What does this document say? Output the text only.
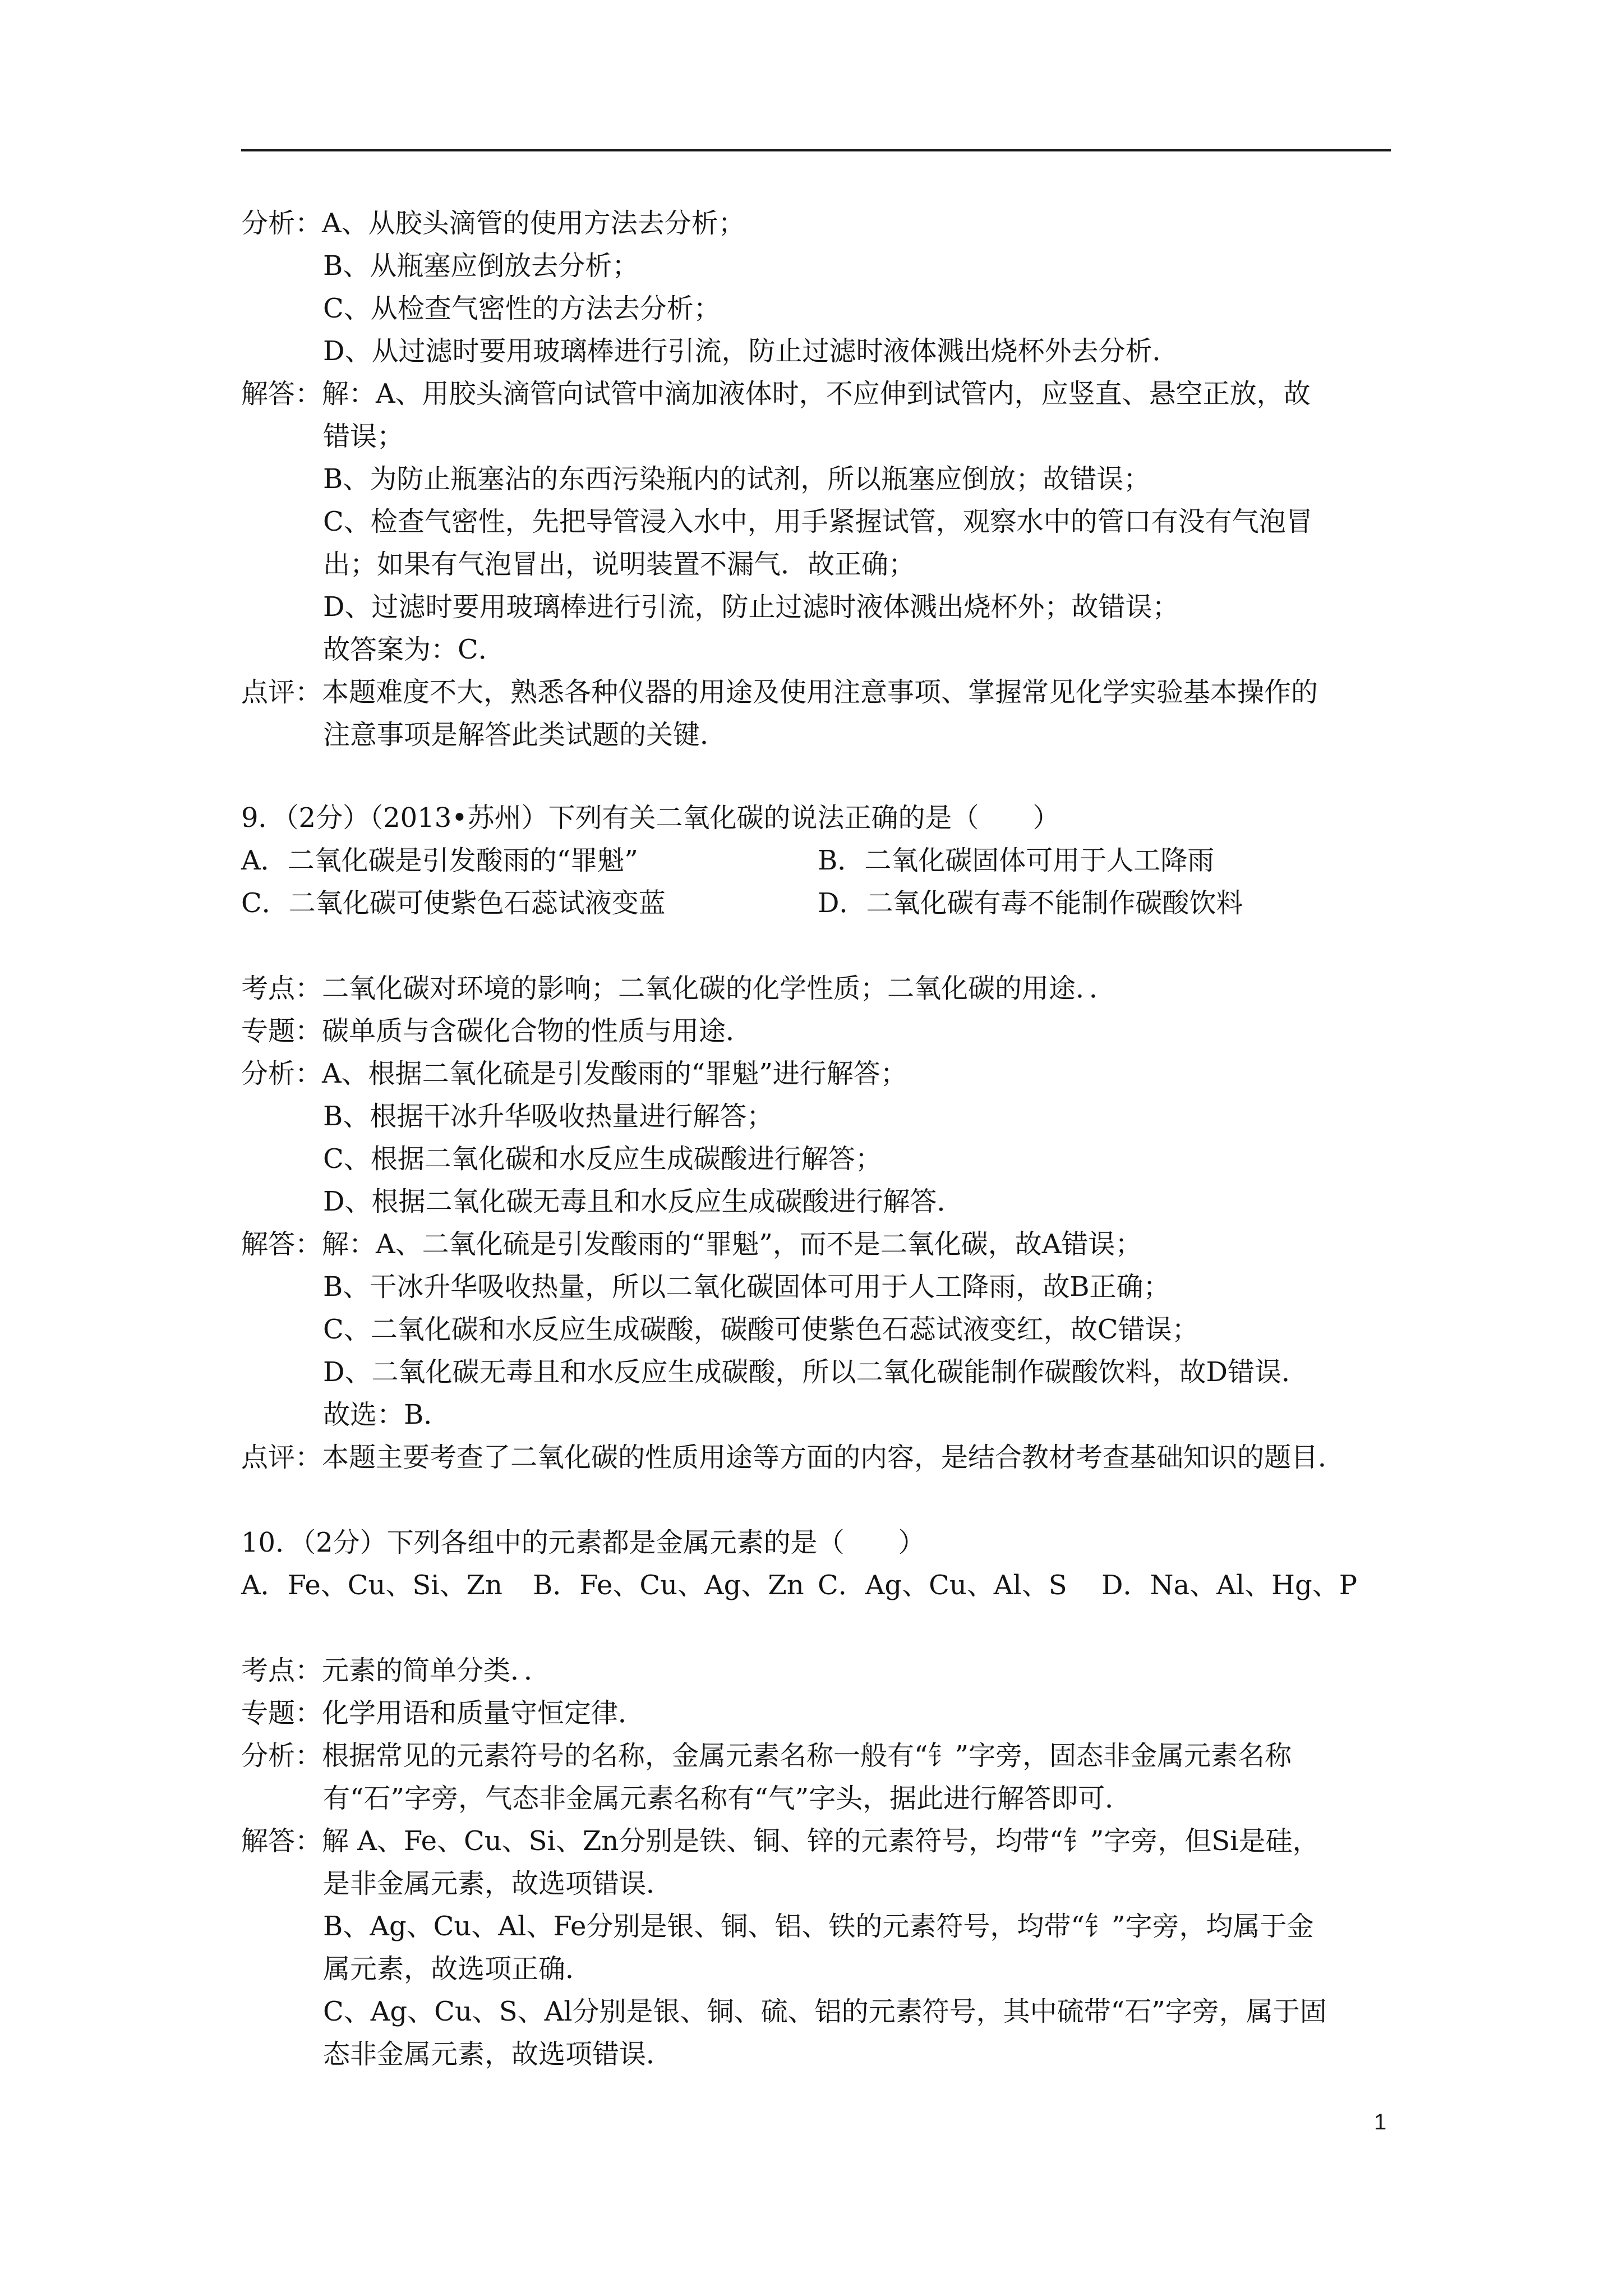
分析：A、从胶头滴管的使用方法去分析；
B、从瓶塞应倒放去分析；
C、从检查气密性的方法去分析；
D、从过滤时要用玻璃棒进行引流，防止过滤时液体溅出烧杯外去分析．
解答：解：A、用胶头滴管向试管中滴加液体时，不应伸到试管内，应竖直、悬空正放，故
错误；
B、为防止瓶塞沾的东西污染瓶内的试剂，所以瓶塞应倒放；故错误；
C、检查气密性，先把导管浸入水中，用手紧握试管，观察水中的管口有没有气泡冒
出；如果有气泡冒出，说明装置不漏气．故正确；
D、过滤时要用玻璃棒进行引流，防止过滤时液体溅出烧杯外；故错误；
故答案为：C．
点评：本题难度不大，熟悉各种仪器的用途及使用注意事项、掌握常见化学实验基本操作的
注意事项是解答此类试题的关键．
9．（2分）（2013•苏州）下列有关二氧化碳的说法正确的是（　　）
A．二氧化碳是引发酸雨的“罪魁”	B．二氧化碳固体可用于人工降雨
C．二氧化碳可使紫色石蕊试液变蓝	D．二氧化碳有毒不能制作碳酸饮料
考点：二氧化碳对环境的影响；二氧化碳的化学性质；二氧化碳的用途．．
专题：碳单质与含碳化合物的性质与用途．
分析：A、根据二氧化硫是引发酸雨的“罪魁”进行解答；
B、根据干冰升华吸收热量进行解答；
C、根据二氧化碳和水反应生成碳酸进行解答；
D、根据二氧化碳无毒且和水反应生成碳酸进行解答．
解答：解：A、二氧化硫是引发酸雨的“罪魁”，而不是二氧化碳，故A错误；
B、干冰升华吸收热量，所以二氧化碳固体可用于人工降雨，故B正确；
C、二氧化碳和水反应生成碳酸，碳酸可使紫色石蕊试液变红，故C错误；
D、二氧化碳无毒且和水反应生成碳酸，所以二氧化碳能制作碳酸饮料，故D错误．
故选：B．
点评：本题主要考查了二氧化碳的性质用途等方面的内容，是结合教材考查基础知识的题目．
10．（2分）下列各组中的元素都是金属元素的是（　　）
A．Fe、Cu、Si、Zn B．Fe、Cu、Ag、Zn C．Ag、Cu、Al、S D．Na、Al、Hg、P
考点：元素的简单分类．．
专题：化学用语和质量守恒定律．
分析：根据常见的元素符号的名称，金属元素名称一般有“钅”字旁，固态非金属元素名称
有“石”字旁，气态非金属元素名称有“气”字头，据此进行解答即可．
解答：解 A、Fe、Cu、Si、Zn分别是铁、铜、锌的元素符号，均带“钅”字旁，但Si是硅，
是非金属元素，故选项错误．
B、Ag、Cu、Al、Fe分别是银、铜、铝、铁的元素符号，均带“钅”字旁，均属于金
属元素，故选项正确．
C、Ag、Cu、S、Al分别是银、铜、硫、铝的元素符号，其中硫带“石”字旁，属于固
态非金属元素，故选项错误．
1
